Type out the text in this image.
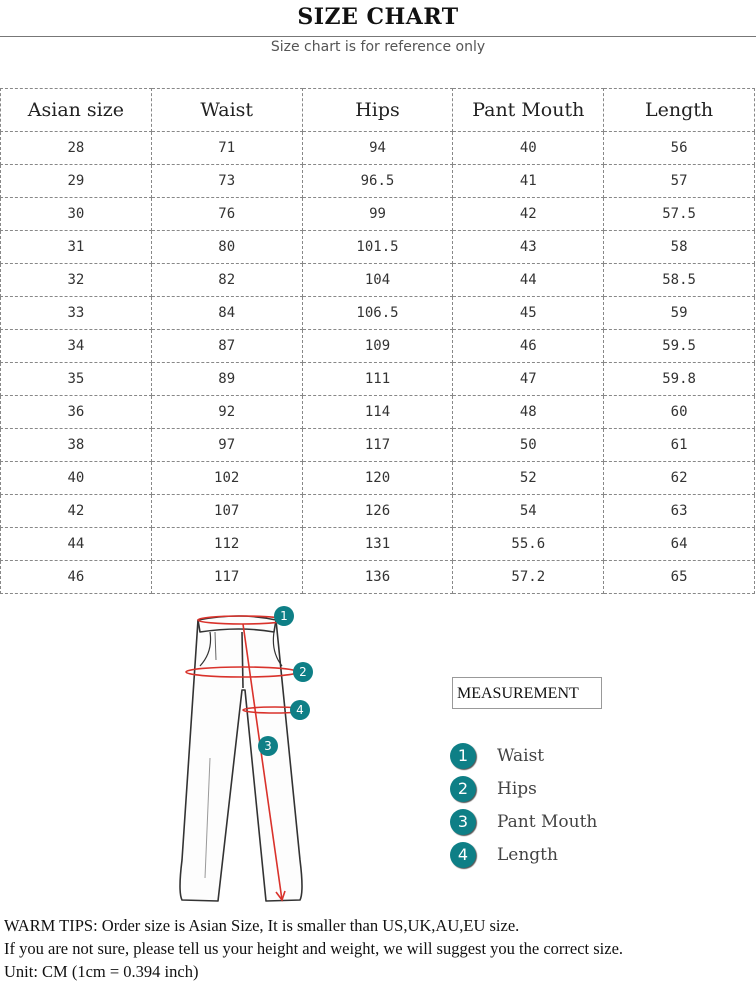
SIZE CHART
Size chart is for reference only
Asian size	Waist	Hips	Pant Mouth	Length
28	71	94	40	56
29	73	96.5	41	57
30	76	99	42	57.5
31	80	101.5	43	58
32	82	104	44	58.5
33	84	106.5	45	59
34	87	109	46	59.5
35	89	111	47	59.8
36	92	114	48	60
38	97	117	50	61
40	102	120	52	62
42	107	126	54	63
44	112	131	55.6	64
46	117	136	57.2	65
1
2
4
3
MEASUREMENT
1	Waist
2	Hips
3	Pant Mouth
4	Length
WARM TIPS: Order size is Asian Size, It is smaller than US,UK,AU,EU size.
If you are not sure, please tell us your height and weight, we will suggest you the correct size.
Unit: CM (1cm = 0.394 inch)
